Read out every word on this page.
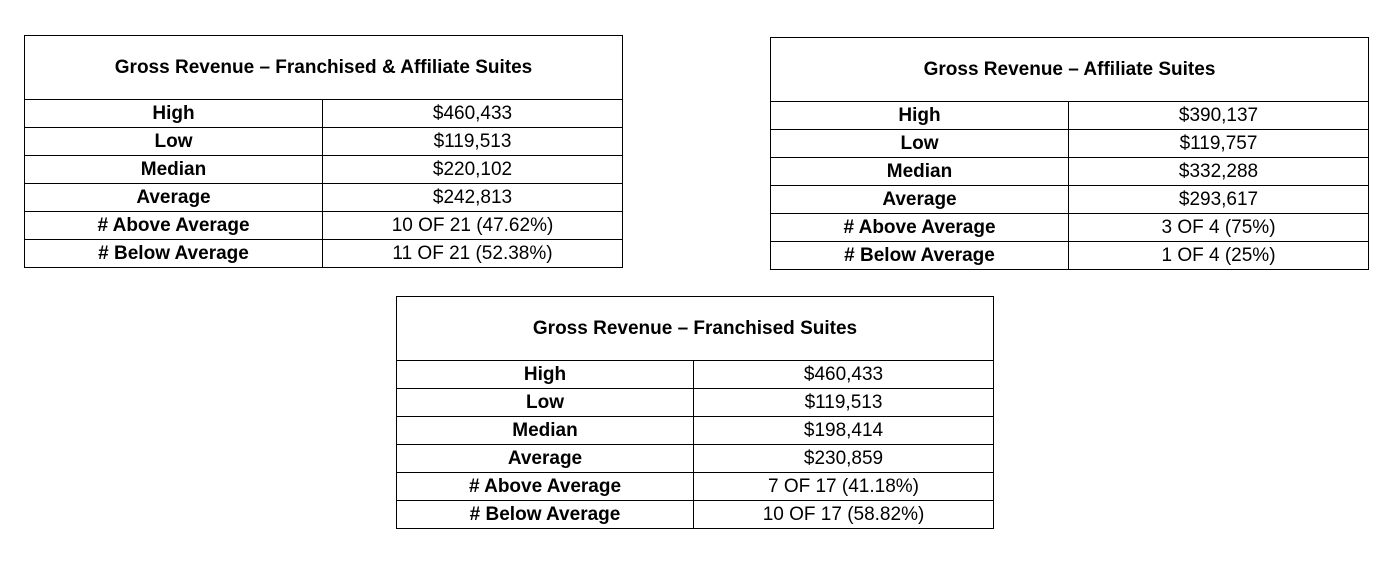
Gross Revenue – Franchised & Affiliate Suites	
High	$460,433
Low	$119,513
Median	$220,102
Average	$242,813
# Above Average	10 OF 21 (47.62%)
# Below Average	11 OF 21 (52.38%)
Gross Revenue – Affiliate Suites	
High	$390,137
Low	$119,757
Median	$332,288
Average	$293,617
# Above Average	3 OF 4 (75%)
# Below Average	1 OF 4 (25%)
Gross Revenue – Franchised Suites	
High	$460,433
Low	$119,513
Median	$198,414
Average	$230,859
# Above Average	7 OF 17 (41.18%)
# Below Average	10 OF 17 (58.82%)
